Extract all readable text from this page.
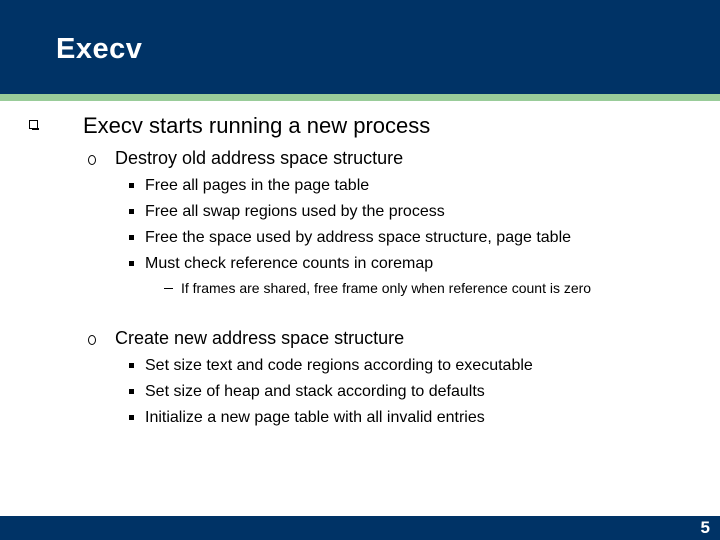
Execv
Execv starts running a new process
Destroy old address space structure
Free all pages in the page table
Free all swap regions used by the process
Free the space used by address space structure, page table
Must check reference counts in coremap
If frames are shared, free frame only when reference count is zero
Create new address space structure
Set size text and code regions according to executable
Set size of heap and stack according to defaults
Initialize a new page table with all invalid entries
5
